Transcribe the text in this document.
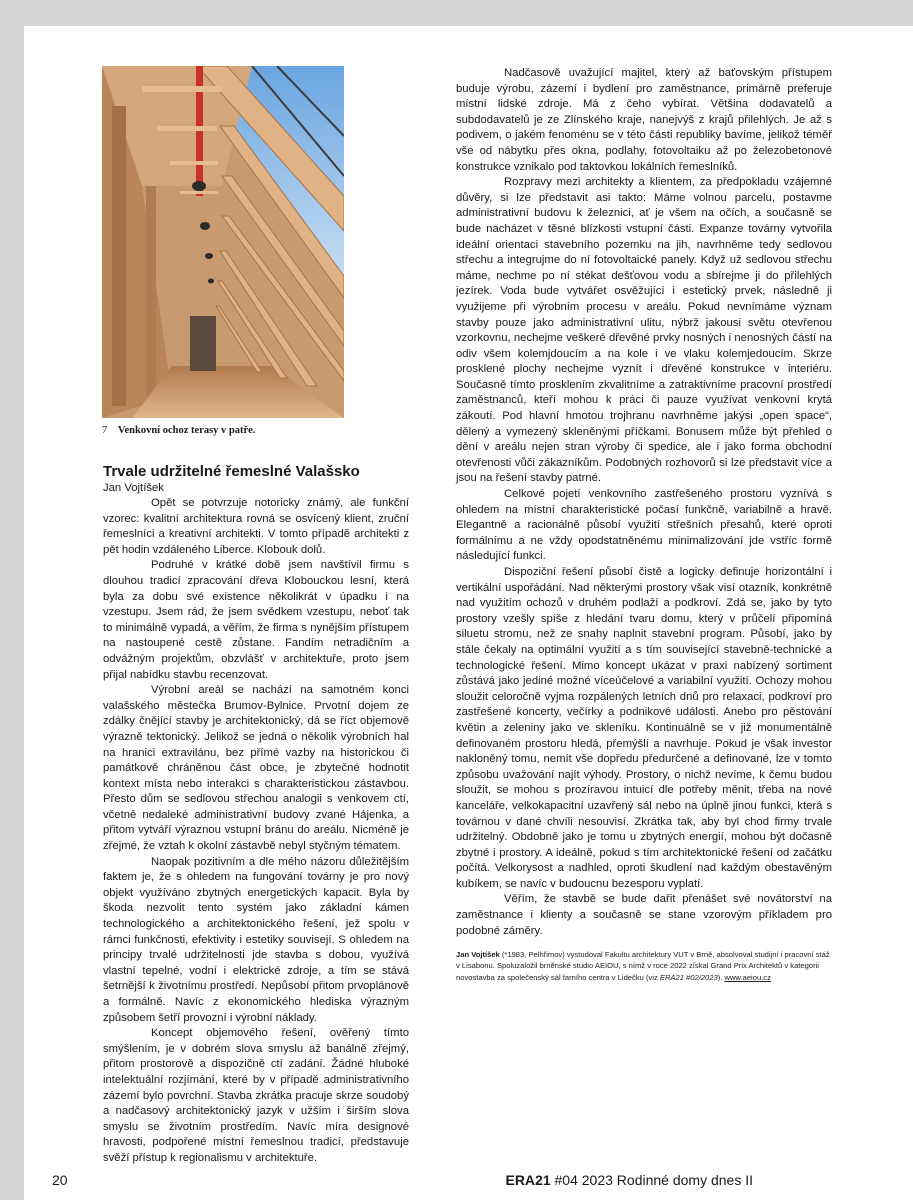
7 Venkovní ochoz terasy v patře.
Trvale udržitelné řemeslné Valašsko
Jan Vojtíšek

Opět se potvrzuje notoricky známý, ale funkční vzorec: kvalitní architektura rovná se osvícený klient, zruční řemeslníci a kreativní architekti. V tomto případě architekti z pět hodin vzdáleného Liberce. Klobouk dolů.

Podruhé v krátké době jsem navštívil firmu s dlouhou tradicí zpracování dřeva Klobouckou lesní, která byla za dobu své existence několikrát v úpadku i na vzestupu. Jsem rád, že jsem svědkem vzestupu, neboť tak to minimálně vypadá, a věřím, že firma s nynějším přístupem na nastoupené cestě zůstane. Fandím netradičním a odvážným projektům, obzvlášť v architektuře, proto jsem přijal nabídku stavbu recenzovat.

Výrobní areál se nachází na samotném konci valašského městečka Brumov-Bylnice. Prvotní dojem ze zdálky čnějící stavby je architektonický, dá se říct objemově výrazně tektonický. Jelikož se jedná o několik výrobních hal na hranici extravilánu, bez přímé vazby na historickou či památkově chráněnou část obce, je zbytečné hodnotit kontext místa nebo interakci s charakteristickou zástavbou. Přesto dům se sedlovou střechou analogii s venkovem ctí, včetně nedaleké administrativní budovy zvané Hájenka, a přitom vytváří výraznou vstupní bránu do areálu. Nicméně je zřejmé, že vztah k okolní zástavbě nebyl styčným tématem.

Naopak pozitivním a dle mého názoru důležitějším faktem je, že s ohledem na fungování továrny je pro nový objekt využíváno zbytných energetických kapacit. Byla by škoda nezvolit tento systém jako základní kámen technologického a architektonického řešení, jež spolu v rámci funkčnosti, efektivity i estetiky souvisejí. S ohledem na principy trvalé udržitelnosti jde stavba s dobou, využívá vlastní tepelné, vodní i elektrické zdroje, a tím se stává šetrnější k životnímu prostředí. Nepůsobí přitom prvoplánově a formálně. Navíc z ekonomického hlediska výrazným způsobem šetří provozní i výrobní náklady.

Koncept objemového řešení, ověřený tímto smýšlením, je v dobrém slova smyslu až banálně zřejmý, přitom prostorově a dispozičně ctí zadání. Žádné hluboké intelektuální rozjímání, které by v případě administrativního zázemí bylo povrchní. Stavba zkrátka pracuje skrze soudobý a nadčasový architektonický jazyk v užším i širším slova smyslu se životním prostředím. Navíc míra designové hravosti, podpořené místní řemeslnou tradicí, představuje svěží přístup k regionalismu v architektuře.

Nadčasově uvažující majitel, který až baťovským přístupem buduje výrobu, zázemí i bydlení pro zaměstnance, primárně preferuje místní lidské zdroje. Má z čeho vybírat. Většina dodavatelů a subdodavatelů je ze Zlínského kraje, nanejvýš z krajů přilehlých. Je až s podivem, o jakém fenoménu se v této části republiky bavíme, jelikož téměř vše od nábytku přes okna, podlahy, fotovoltaiku až po železobetonové konstrukce vznikalo pod taktovkou lokálních řemeslníků.

Rozpravy mezi architekty a klientem, za předpokladu vzájemné důvěry, si lze představit asi takto: Máme volnou parcelu, postavme administrativní budovu k železnici, ať je všem na očích, a současně se bude nacházet v těsné blízkosti vstupní části. Expanze továrny vytvořila ideální orientaci stavebního pozemku na jih, navrhněme tedy sedlovou střechu a integrujme do ní fotovoltaické panely. Když už sedlovou střechu máme, nechme po ní stékat dešťovou vodu a sbírejme ji do přilehlých jezírek. Voda bude vytvářet osvěžující i estetický prvek, následně ji využijeme při výrobním procesu v areálu. Pokud nevnímáme význam stavby pouze jako administrativní ulitu, nýbrž jakousi světu otevřenou vzorkovnu, nechejme veškeré dřevěné prvky nosných i nenosných částí na odiv všem kolemjdoucím a na kole i ve vlaku kolemjedoucím. Skrze prosklené plochy nechejme vyznít i dřevěné konstrukce v interiéru. Současně tímto prosklením zkvalitníme a zatraktivníme pracovní prostředí zaměstnanců, kteří mohou k práci či pauze využívat venkovní krytá zákoutí. Pod hlavní hmotou trojhranu navrhněme jakýsi „open space“, dělený a vymezený skleněnými příčkami. Bonusem může být přehled o dění v areálu nejen stran výroby či spedice, ale i jako forma obchodní otevřenosti vůči zákazníkům. Podobných rozhovorů si lze představit více a jsou na řešení stavby patrné.

Celkové pojetí venkovního zastřešeného prostoru vyznívá s ohledem na místní charakteristické počasí funkčně, variabilně a hravě. Elegantně a racionálně působí využití střešních přesahů, které oproti formálnímu a ne vždy opodstatněnému minimalizování jde vstříc formě následující funkci.

Dispoziční řešení působí čistě a logicky definuje horizontální i vertikální uspořádání. Nad některými prostory však visí otazník, konkrétně nad využitím ochozů v druhém podlaží a podkroví. Zdá se, jako by tyto prostory vzešly spíše z hledání tvaru domu, který v průčelí připomíná siluetu stromu, než ze snahy naplnit stavební program. Působí, jako by stále čekaly na optimální využití a s tím související stavebně-technické a technologické řešení. Mimo koncept ukázat v praxi nabízený sortiment zůstává jako jediné možné víceúčelové a variabilní využití. Ochozy mohou sloužit celoročně vyjma rozpálených letních dnů pro relaxaci, podkroví pro zastřešené koncerty, večírky a podnikové události. Anebo pro pěstování květin a zeleniny jako ve skleníku. Kontinuálně se v již monumentálně definovaném prostoru hledá, přemýšlí a navrhuje. Pokud je však investor nakloněný tomu, nemít vše dopředu předurčené a definované, lze v tomto způsobu uvažování najít výhody. Prostory, o nichž nevíme, k čemu budou sloužit, se mohou s prozíravou intuicí dle potřeby měnit, třeba na nové kanceláře, velkokapacitní uzavřený sál nebo na úplně jinou funkci, která s továrnou v dané chvíli nesouvisí. Zkrátka tak, aby byl chod firmy trvale udržitelný. Obdobně jako je tomu u zbytných energií, mohou být dočasně zbytné i prostory. A ideálně, pokud s tím architektonické řešení od začátku počítá. Velkorysost a nadhled, oproti škudlení nad každým obestavěným kubíkem, se navíc v budoucnu bezesporu vyplatí.

Věřím, že stavbě se bude dařit přenášet své novátorství na zaměstnance i klienty a současně se stane vzorovým příkladem pro podobné záměry.

Jan Vojtíšek (*1983, Pelhřimov) vystudoval Fakultu architektury VUT v Brně, absolvoval studijní i pracovní stáž v Lisabonu. Spoluzaložil brněnské studio AEIOU, s nímž v roce 2022 získal Grand Prix Architektů v kategorii novostavba za společenský sál farního centra v Lidečku (viz ERA21 #02/2023). www.aeiou.cz
20	ERA21 #04 2023 Rodinné domy dnes II
